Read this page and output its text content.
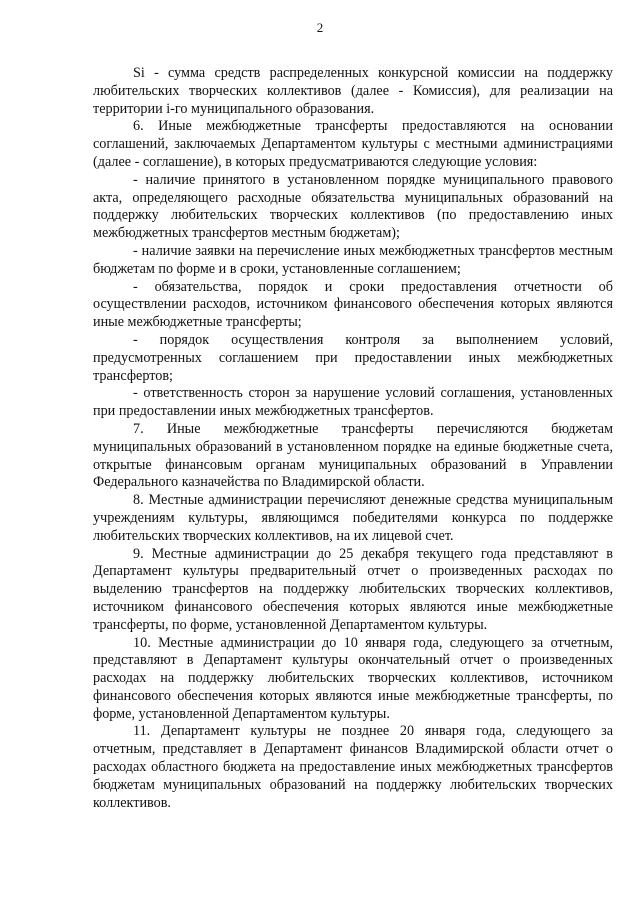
2

Si - сумма средств распределенных конкурсной комиссии на поддержку любительских творческих коллективов (далее - Комиссия), для реализации на территории i-го муниципального образования.

6. Иные межбюджетные трансферты предоставляются на основании соглашений, заключаемых Департаментом культуры с местными администрациями (далее - соглашение), в которых предусматриваются следующие условия:

- наличие принятого в установленном порядке муниципального правового акта, определяющего расходные обязательства муниципальных образований на поддержку любительских творческих коллективов (по предоставлению иных межбюджетных трансфертов местным бюджетам);

- наличие заявки на перечисление иных межбюджетных трансфертов местным бюджетам по форме и в сроки, установленные соглашением;

- обязательства, порядок и сроки предоставления отчетности об осуществлении расходов, источником финансового обеспечения которых являются иные межбюджетные трансферты;

- порядок осуществления контроля за выполнением условий, предусмотренных соглашением при предоставлении иных межбюджетных трансфертов;

- ответственность сторон за нарушение условий соглашения, установленных при предоставлении иных межбюджетных трансфертов.

7. Иные межбюджетные трансферты перечисляются бюджетам муниципальных образований в установленном порядке на единые бюджетные счета, открытые финансовым органам муниципальных образований в Управлении Федерального казначейства по Владимирской области.

8. Местные администрации перечисляют денежные средства муниципальным учреждениям культуры, являющимся победителями конкурса по поддержке любительских творческих коллективов, на их лицевой счет.

9. Местные администрации до 25 декабря текущего года представляют в Департамент культуры предварительный отчет о произведенных расходах по выделению трансфертов на поддержку любительских творческих коллективов, источником финансового обеспечения которых являются иные межбюджетные трансферты, по форме, установленной Департаментом культуры.

10. Местные администрации до 10 января года, следующего за отчетным, представляют в Департамент культуры окончательный отчет о произведенных расходах на поддержку любительских творческих коллективов, источником финансового обеспечения которых являются иные межбюджетные трансферты, по форме, установленной Департаментом культуры.

11. Департамент культуры не позднее 20 января года, следующего за отчетным, представляет в Департамент финансов Владимирской области отчет о расходах областного бюджета на предоставление иных межбюджетных трансфертов бюджетам муниципальных образований на поддержку любительских творческих коллективов.
